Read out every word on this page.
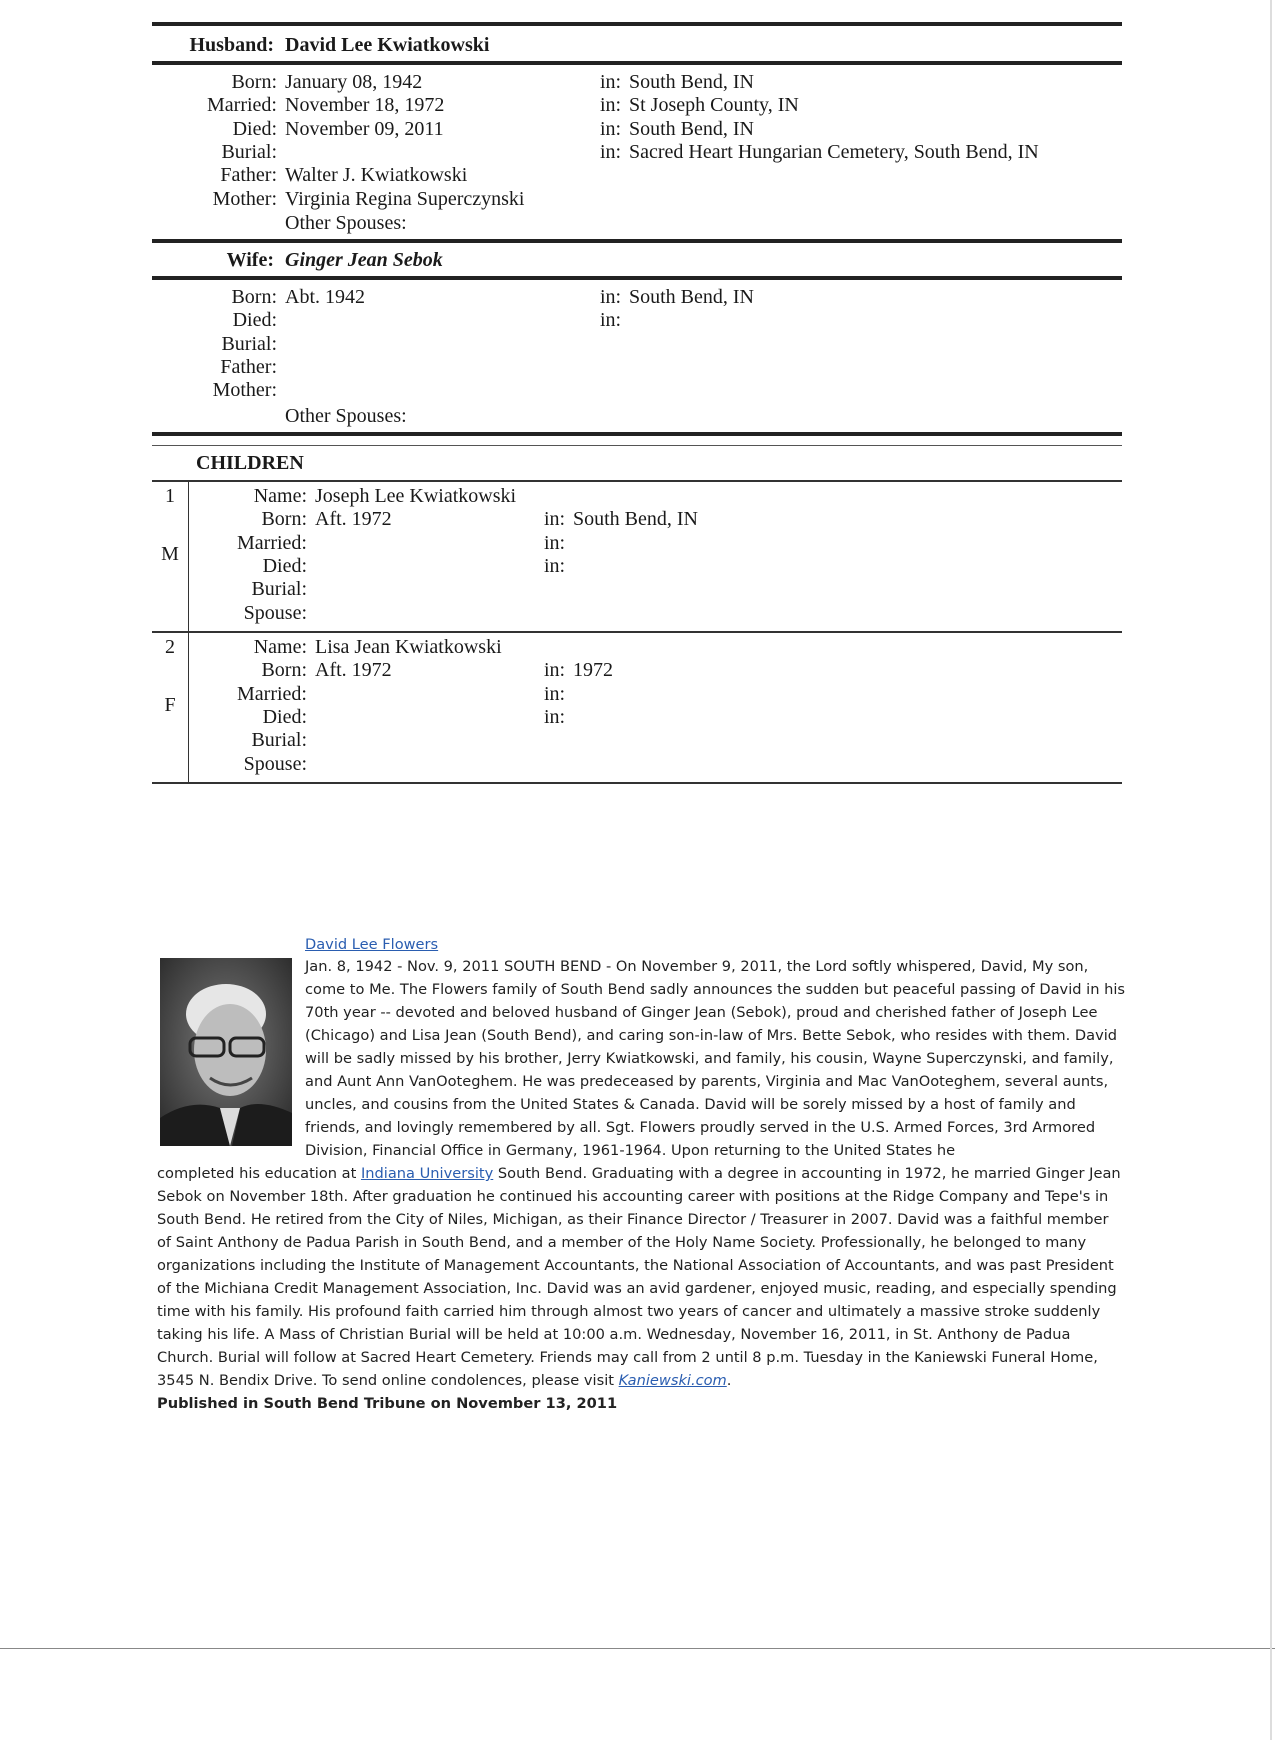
Husband: David Lee Kwiatkowski
Born: January 08, 1942	in: South Bend, IN
Married: November 18, 1972	in: St Joseph County, IN
Died: November 09, 2011	in: South Bend, IN
Burial:	in: Sacred Heart Hungarian Cemetery, South Bend, IN
Father: Walter J. Kwiatkowski
Mother: Virginia Regina Superczynski
Other Spouses:
Wife: Ginger Jean Sebok
Born: Abt. 1942	in: South Bend, IN
Died:	in:
Burial:
Father:
Mother:
Other Spouses:
CHILDREN
1
M
Name: Joseph Lee Kwiatkowski
Born: Aft. 1972	in: South Bend, IN
Married:	in:
Died:	in:
Burial:
Spouse:
2
F
Name: Lisa Jean Kwiatkowski
Born: Aft. 1972	in: 1972
Married:	in:
Died:	in:
Burial:
Spouse:
David Lee Flowers
Jan. 8, 1942 - Nov. 9, 2011 SOUTH BEND - On November 9, 2011, the Lord softly whispered, David, My son, come to Me. The Flowers family of South Bend sadly announces the sudden but peaceful passing of David in his 70th year -- devoted and beloved husband of Ginger Jean (Sebok), proud and cherished father of Joseph Lee (Chicago) and Lisa Jean (South Bend), and caring son-in-law of Mrs. Bette Sebok, who resides with them. David will be sadly missed by his brother, Jerry Kwiatkowski, and family, his cousin, Wayne Superczynski, and family, and Aunt Ann VanOoteghem. He was predeceased by parents, Virginia and Mac VanOoteghem, several aunts, uncles, and cousins from the United States & Canada. David will be sorely missed by a host of family and friends, and lovingly remembered by all. Sgt. Flowers proudly served in the U.S. Armed Forces, 3rd Armored Division, Financial Office in Germany, 1961-1964. Upon returning to the United States he
completed his education at Indiana University South Bend. Graduating with a degree in accounting in 1972, he married Ginger Jean Sebok on November 18th. After graduation he continued his accounting career with positions at the Ridge Company and Tepe's in South Bend. He retired from the City of Niles, Michigan, as their Finance Director / Treasurer in 2007. David was a faithful member of Saint Anthony de Padua Parish in South Bend, and a member of the Holy Name Society. Professionally, he belonged to many organizations including the Institute of Management Accountants, the National Association of Accountants, and was past President of the Michiana Credit Management Association, Inc. David was an avid gardener, enjoyed music, reading, and especially spending time with his family. His profound faith carried him through almost two years of cancer and ultimately a massive stroke suddenly taking his life. A Mass of Christian Burial will be held at 10:00 a.m. Wednesday, November 16, 2011, in St. Anthony de Padua Church. Burial will follow at Sacred Heart Cemetery. Friends may call from 2 until 8 p.m. Tuesday in the Kaniewski Funeral Home, 3545 N. Bendix Drive. To send online condolences, please visit Kaniewski.com.
Published in South Bend Tribune on November 13, 2011
